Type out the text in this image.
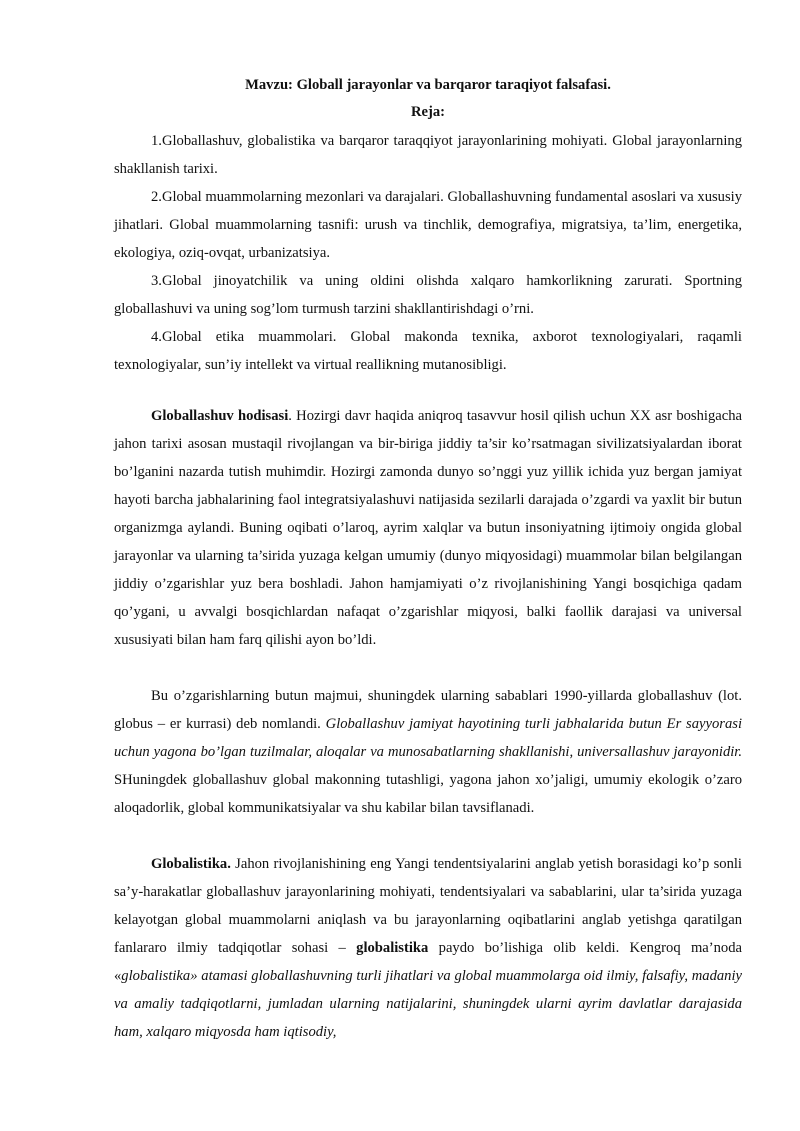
Mavzu: Globall jarayonlar va barqaror taraqiyot falsafasi.
Reja:

1.Globallashuv, globalistika va barqaror taraqqiyot jarayonlarining mohiyati. Global jarayonlarning shakllanish tarixi.

2.Global muammolarning mezonlari va darajalari. Globallashuvning fundamental asoslari va xususiy jihatlari. Global muammolarning tasnifi: urush va tinchlik, demografiya, migratsiya, ta’lim, energetika, ekologiya, oziq-ovqat, urbanizatsiya.

3.Global jinoyatchilik va uning oldini olishda xalqaro hamkorlikning zarurati. Sportning globallashuvi va uning sog’lom turmush tarzini shakllantirishdagi o’rni.

4.Global etika muammolari. Global makonda texnika, axborot texnologiyalari, raqamli texnologiyalar, sun’iy intellekt va virtual reallikning mutanosibligi.

Globallashuv hodisasi. Hozirgi davr haqida aniqroq tasavvur hosil qilish uchun XX asr boshigacha jahon tarixi asosan mustaqil rivojlangan va bir-biriga jiddiy ta’sir ko’rsatmagan sivilizatsiyalardan iborat bo’lganini nazarda tutish muhimdir. Hozirgi zamonda dunyo so’nggi yuz yillik ichida yuz bergan jamiyat hayoti barcha jabhalarining faol integratsiyalashuvi natijasida sezilarli darajada o’zgardi va yaxlit bir butun organizmga aylandi. Buning oqibati o’laroq, ayrim xalqlar va butun insoniyatning ijtimoiy ongida global jarayonlar va ularning ta’sirida yuzaga kelgan umumiy (dunyo miqyosidagi) muammolar bilan belgilangan jiddiy o’zgarishlar yuz bera boshladi. Jahon hamjamiyati o’z rivojlanishining Yangi bosqichiga qadam qo’ygani, u avvalgi bosqichlardan nafaqat o’zgarishlar miqyosi, balki faollik darajasi va universal xususiyati bilan ham farq qilishi ayon bo’ldi.

Bu o’zgarishlarning butun majmui, shuningdek ularning sabablari 1990-yillarda globallashuv (lot. globus – er kurrasi) deb nomlandi. Globallashuv jamiyat hayotining turli jabhalarida butun Er sayyorasi uchun yagona bo’lgan tuzilmalar, aloqalar va munosabatlarning shakllanishi, universallashuv jarayonidir. SHuningdek globallashuv global makonning tutashligi, yagona jahon xo’jaligi, umumiy ekologik o’zaro aloqadorlik, global kommunikatsiyalar va shu kabilar bilan tavsiflanadi.

Globalistika. Jahon rivojlanishining eng Yangi tendentsiyalarini anglab yetish borasidagi ko’p sonli sa’y-harakatlar globallashuv jarayonlarining mohiyati, tendentsiyalari va sabablarini, ular ta’sirida yuzaga kelayotgan global muammolarni aniqlash va bu jarayonlarning oqibatlarini anglab yetishga qaratilgan fanlararo ilmiy tadqiqotlar sohasi – globalistika paydo bo’lishiga olib keldi. Kengroq ma’noda «globalistika» atamasi globallashuvning turli jihatlari va global muammolarga oid ilmiy, falsafiy, madaniy va amaliy tadqiqotlarni, jumladan ularning natijalarini, shuningdek ularni ayrim davlatlar darajasida ham, xalqaro miqyosda ham iqtisodiy,
